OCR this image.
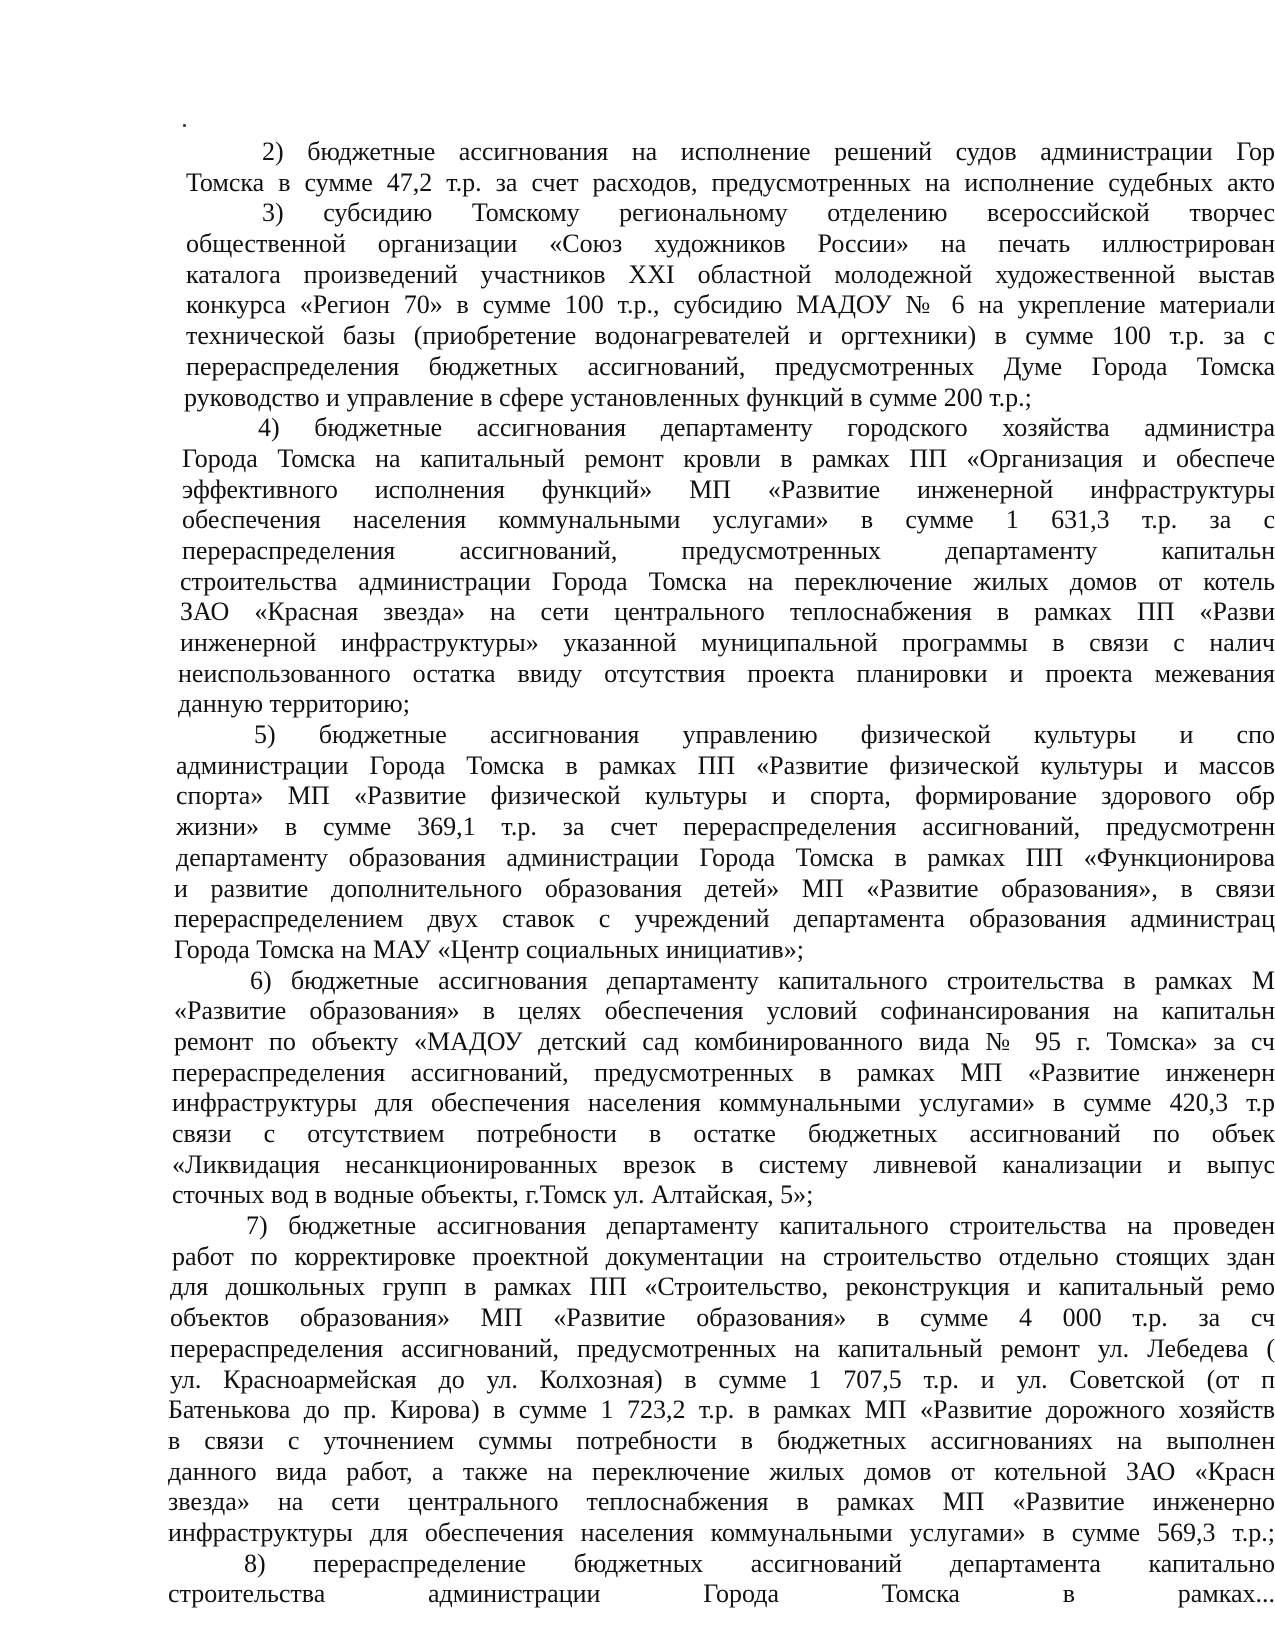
2) бюджетные ассигнования на исполнение решений судов администрации Гор
Томска в сумме 47,2 т.р. за счет расходов, предусмотренных на исполнение судебных акто
3) субсидию Томскому региональному отделению всероссийской творчес
общественной организации «Союз художников России» на печать иллюстрирован
каталога произведений участников XXI областной молодежной художественной выстав
конкурса «Регион 70» в сумме 100 т.р., субсидию МАДОУ № 6 на укрепление материали
технической базы (приобретение водонагревателей и оргтехники) в сумме 100 т.р. за с
перераспределения бюджетных ассигнований, предусмотренных Думе Города Томска
руководство и управление в сфере установленных функций в сумме 200 т.р.;
4) бюджетные ассигнования департаменту городского хозяйства администра
Города Томска на капитальный ремонт кровли в рамках ПП «Организация и обеспече
эффективного исполнения функций» МП «Развитие инженерной инфраструктуры
обеспечения населения коммунальными услугами» в сумме 1 631,3 т.р. за с
перераспределения ассигнований, предусмотренных департаменту капитальн
строительства администрации Города Томска на переключение жилых домов от котель
ЗАО «Красная звезда» на сети центрального теплоснабжения в рамках ПП «Разви
инженерной инфраструктуры» указанной муниципальной программы в связи с налич
неиспользованного остатка ввиду отсутствия проекта планировки и проекта межевания
данную территорию;
5) бюджетные ассигнования управлению физической культуры и спо
администрации Города Томска в рамках ПП «Развитие физической культуры и массов
спорта» МП «Развитие физической культуры и спорта, формирование здорового обр
жизни» в сумме 369,1 т.р. за счет перераспределения ассигнований, предусмотренн
департаменту образования администрации Города Томска в рамках ПП «Функционирова
и развитие дополнительного образования детей» МП «Развитие образования», в связи
перераспределением двух ставок с учреждений департамента образования администрац
Города Томска на МАУ «Центр социальных инициатив»;
6) бюджетные ассигнования департаменту капитального строительства в рамках М
«Развитие образования» в целях обеспечения условий софинансирования на капитальн
ремонт по объекту «МАДОУ детский сад комбинированного вида № 95 г. Томска» за сч
перераспределения ассигнований, предусмотренных в рамках МП «Развитие инженерн
инфраструктуры для обеспечения населения коммунальными услугами» в сумме 420,3 т.р
связи с отсутствием потребности в остатке бюджетных ассигнований по объек
«Ликвидация несанкционированных врезок в систему ливневой канализации и выпус
сточных вод в водные объекты, г.Томск ул. Алтайская, 5»;
7) бюджетные ассигнования департаменту капитального строительства на проведен
работ по корректировке проектной документации на строительство отдельно стоящих здан
для дошкольных групп в рамках ПП «Строительство, реконструкция и капитальный ремо
объектов образования» МП «Развитие образования» в сумме 4 000 т.р. за сч
перераспределения ассигнований, предусмотренных на капитальный ремонт ул. Лебедева (
ул. Красноармейская до ул. Колхозная) в сумме 1 707,5 т.р. и ул. Советской (от п
Батенькова до пр. Кирова) в сумме 1 723,2 т.р. в рамках МП «Развитие дорожного хозяйств
в связи с уточнением суммы потребности в бюджетных ассигнованиях на выполнен
данного вида работ, а также на переключение жилых домов от котельной ЗАО «Красн
звезда» на сети центрального теплоснабжения в рамках МП «Развитие инженерно
инфраструктуры для обеспечения населения коммунальными услугами» в сумме 569,3 т.р.;
8) перераспределение бюджетных ассигнований департамента капитально
строительства администрации Города Томска в рамках...
